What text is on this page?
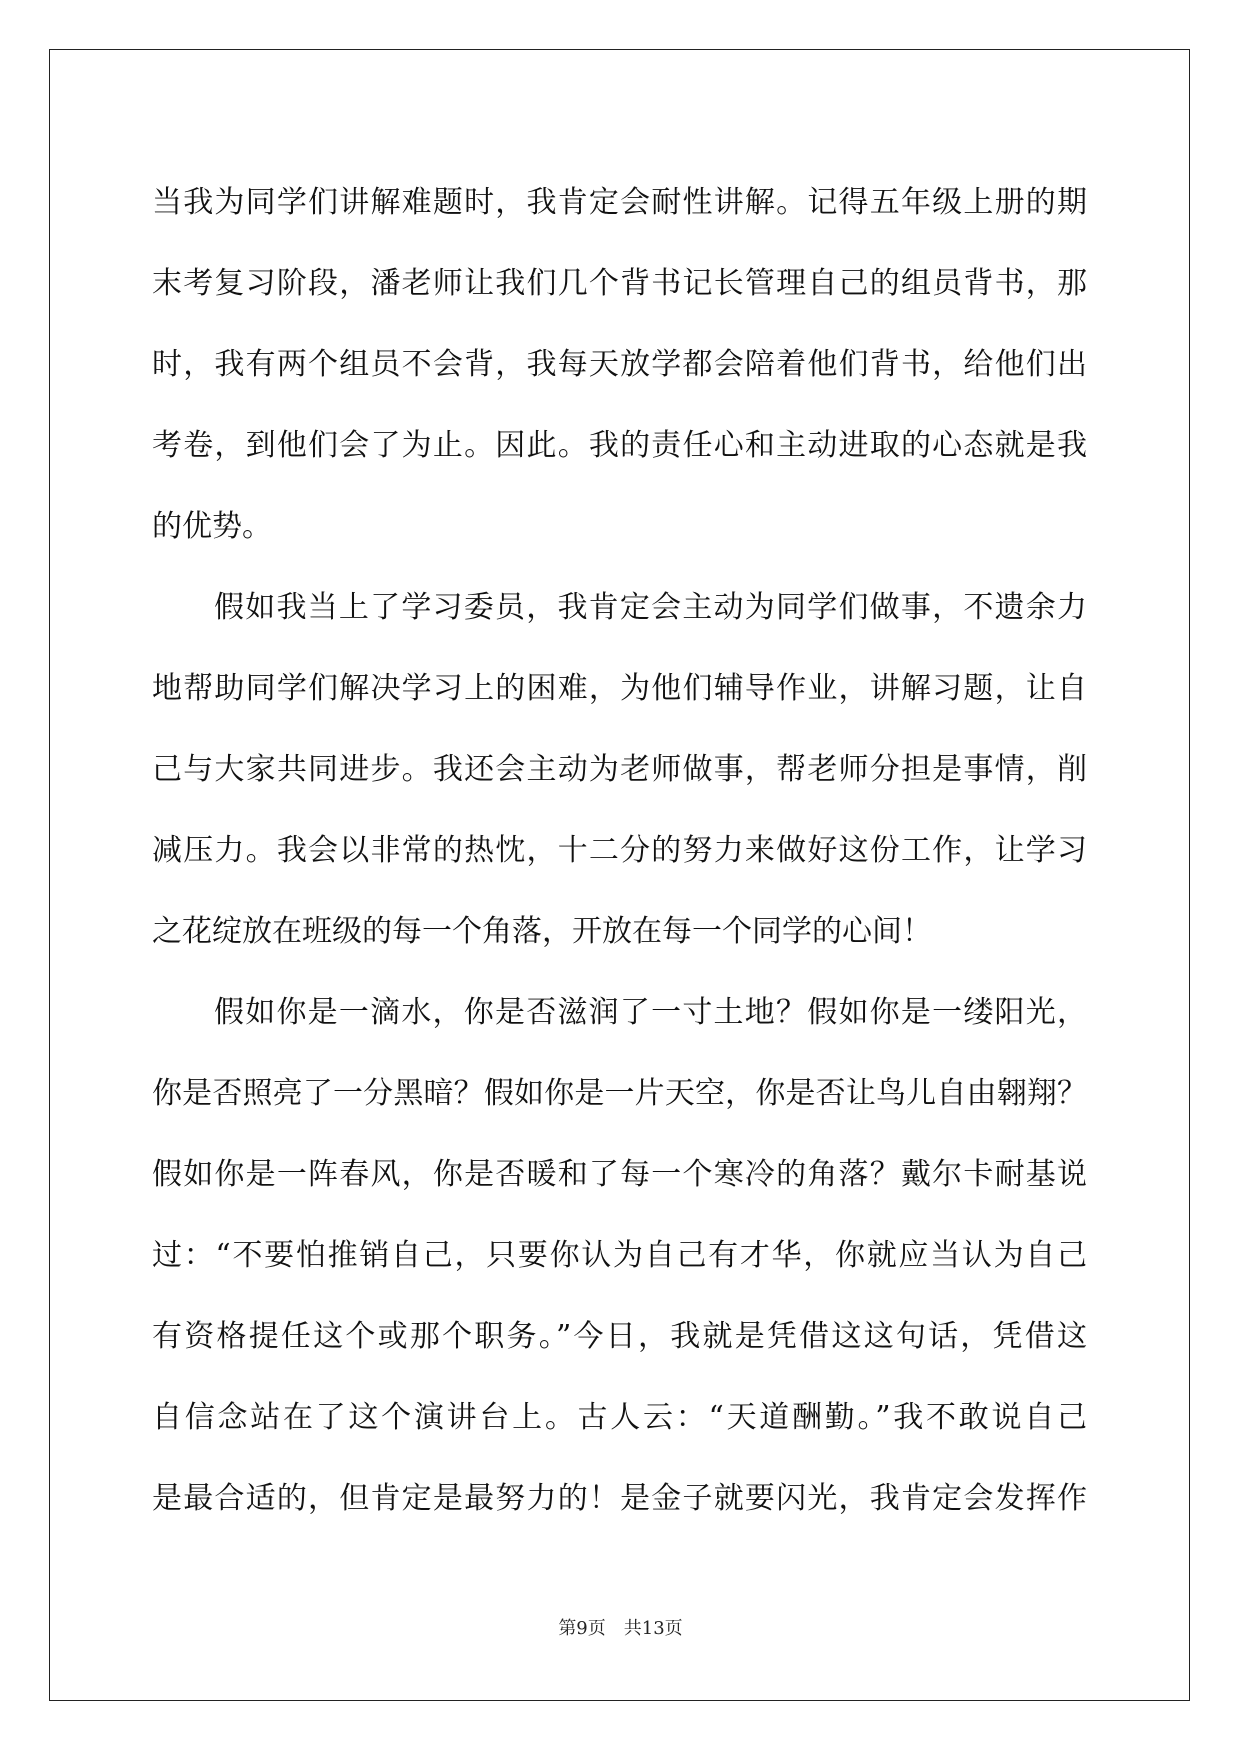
当我为同学们讲解难题时，我肯定会耐性讲解。记得五年级上册的期
末考复习阶段，潘老师让我们几个背书记长管理自己的组员背书，那
时，我有两个组员不会背，我每天放学都会陪着他们背书，给他们出
考卷，到他们会了为止。因此。我的责任心和主动进取的心态就是我
的优势。
假如我当上了学习委员，我肯定会主动为同学们做事，不遗余力
地帮助同学们解决学习上的困难，为他们辅导作业，讲解习题，让自
己与大家共同进步。我还会主动为老师做事，帮老师分担是事情，削
减压力。我会以非常的热忱，十二分的努力来做好这份工作，让学习
之花绽放在班级的每一个角落，开放在每一个同学的心间！
假如你是一滴水，你是否滋润了一寸土地？假如你是一缕阳光，
你是否照亮了一分黑暗？假如你是一片天空，你是否让鸟儿自由翱翔？
假如你是一阵春风，你是否暖和了每一个寒冷的角落？戴尔卡耐基说
过：“不要怕推销自己，只要你认为自己有才华，你就应当认为自己
有资格提任这个或那个职务。”今日，我就是凭借这这句话，凭借这
自信念站在了这个演讲台上。古人云：“天道酬勤。”我不敢说自己
是最合适的，但肯定是最努力的！是金子就要闪光，我肯定会发挥作
第9页 共13页
